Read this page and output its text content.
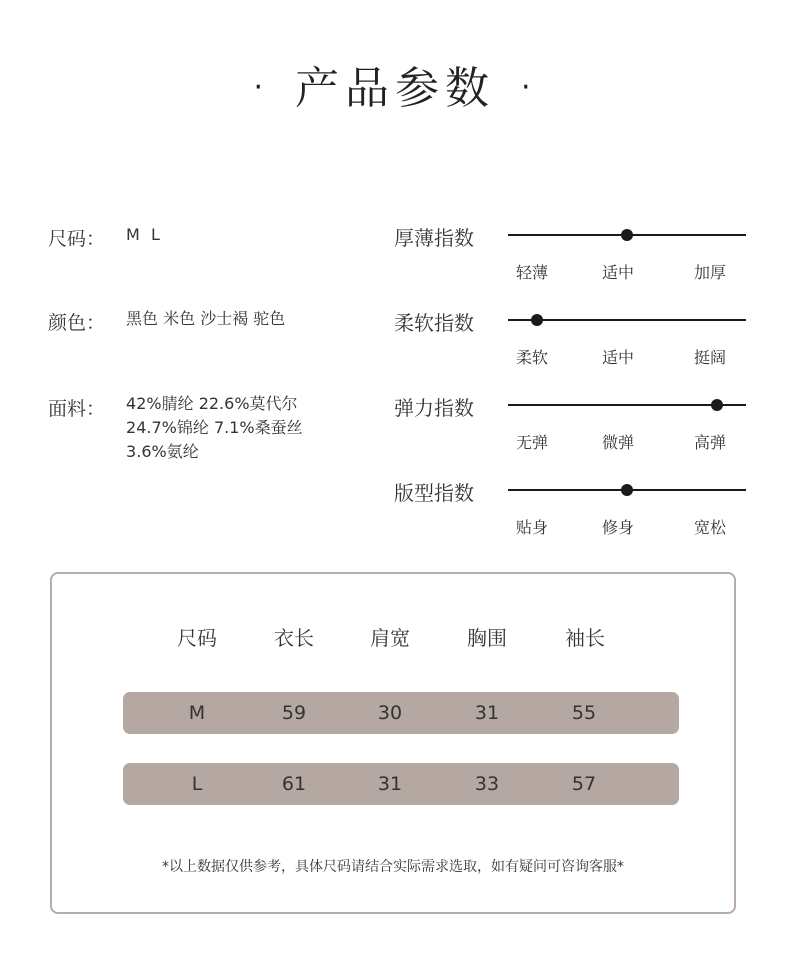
· 产品参数 ·
尺码： M L
颜色： 黑色 米色 沙士褐 驼色
面料： 42%腈纶 22.6%莫代尔
24.7%锦纶 7.1%桑蚕丝
3.6%氨纶
厚薄指数
轻薄	适中	加厚
柔软指数
柔软	适中	挺阔
弹力指数
无弹	微弹	高弹
版型指数
贴身	修身	宽松
尺码	衣长	肩宽	胸围	袖长
M	59	30	31	55
L	61	31	33	57
*以上数据仅供参考，具体尺码请结合实际需求选取，如有疑问可咨询客服*
